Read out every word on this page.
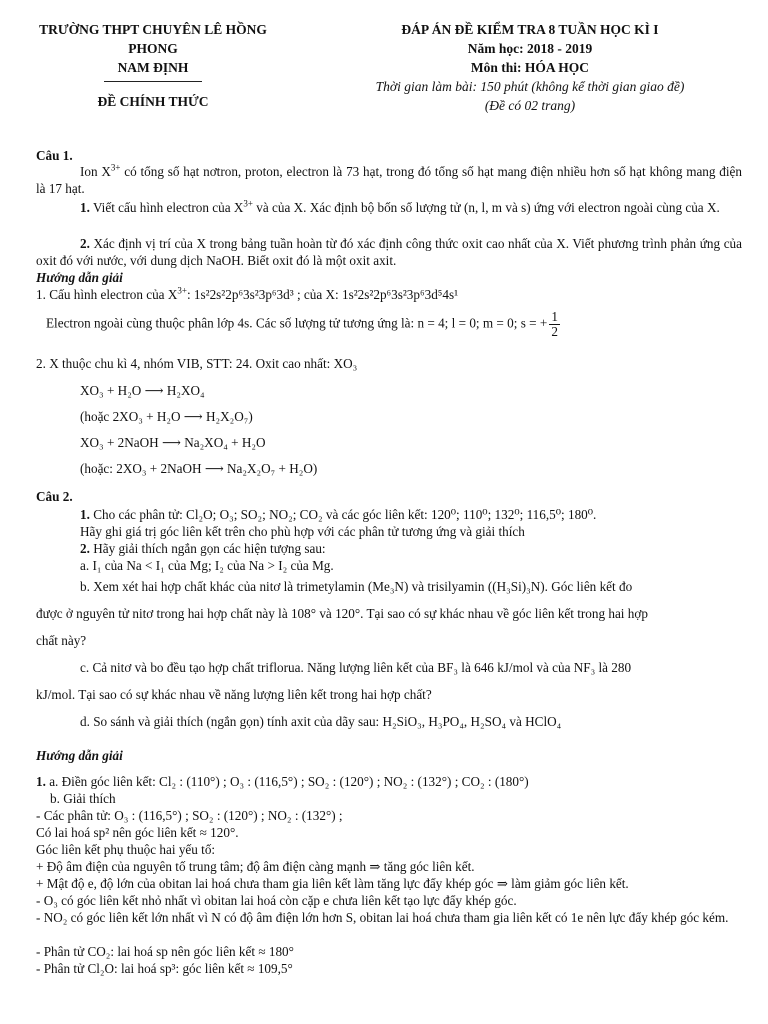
TRƯỜNG THPT CHUYÊN LÊ HỒNG
PHONG
NAM ĐỊNH
ĐỀ CHÍNH THỨC
ĐÁP ÁN ĐỀ KIỂM TRA 8 TUẦN HỌC KÌ I
Năm học: 2018 - 2019
Môn thi: HÓA HỌC
Thời gian làm bài: 150 phút (không kể thời gian giao đề)
(Đề có 02 trang)
Câu 1.
Ion $X^{3+}$ có tổng số hạt nơtron, proton, electron là 73 hạt, trong đó tổng số hạt mang điện nhiều hơn số hạt không mang điện là 17 hạt.
1. Viết cấu hình electron của $X^{3+}$ và của X. Xác định bộ bốn số lượng tử (n, l, m và s) ứng với electron ngoài cùng của X.
2. Xác định vị trí của X trong bảng tuần hoàn từ đó xác định công thức oxit cao nhất của X. Viết phương trình phản ứng của oxit đó với nước, với dung dịch NaOH. Biết oxit đó là một oxit axit.
Hướng dẫn giải
1. Cấu hình electron của $X^{3+}$: 1s²2s²2p⁶3s²3p⁶3d³ ; của X: 1s²2s²2p⁶3s²3p⁶3d⁵4s¹
Electron ngoài cùng thuộc phân lớp 4s. Các số lượng tử tương ứng là: n = 4; l = 0; m = 0; s = + $\frac{1}{2}$
2. X thuộc chu kì 4, nhóm VIB, STT: 24. Oxit cao nhất: XO₃
XO₃ + H₂O ⟶ H₂XO₄
(hoặc 2XO₃ + H₂O ⟶ H₂X₂O₇)
XO₃ + 2NaOH ⟶ Na₂XO₄ + H₂O
(hoặc: 2XO₃ + 2NaOH ⟶ Na₂X₂O₇ + H₂O)
Câu 2.
1. Cho các phân tử: Cl₂O; O₃; SO₂; NO₂; CO₂ và các góc liên kết: 120⁰; 110⁰; 132⁰; 116,5⁰; 180⁰.
Hãy ghi giá trị góc liên kết trên cho phù hợp với các phân tử tương ứng và giải thích
2. Hãy giải thích ngắn gọn các hiện tượng sau:
a. I₁ của Na < I₁ của Mg; I₂ của Na > I₂ của Mg.
b. Xem xét hai hợp chất khác của nitơ là trimetylamin (Me₃N) và trisilyamin ((H₃Si)₃N). Góc liên kết đo
được ở nguyên tử nitơ trong hai hợp chất này là 108° và 120°. Tại sao có sự khác nhau về góc liên kết trong hai hợp
chất này?
c. Cả nitơ và bo đều tạo hợp chất triflorua. Năng lượng liên kết của BF₃ là 646 kJ/mol và của NF₃ là 280
kJ/mol. Tại sao có sự khác nhau về năng lượng liên kết trong hai hợp chất?
d. So sánh và giải thích (ngắn gọn) tính axit của dãy sau: H₂SiO₃, H₃PO₄, H₂SO₄ và HClO₄
Hướng dẫn giải
1. a. Điền góc liên kết: Cl₂ : (110°) ; O₃ : (116,5°) ; SO₂ : (120°) ; NO₂ : (132°) ; CO₂ : (180°)
b. Giải thích
- Các phân tử: O₃ : (116,5°) ; SO₂ : (120°) ; NO₂ : (132°) ;
Có lai hoá sp² nên góc liên kết ≈ 120°.
Góc liên kết phụ thuộc hai yếu tố:
+ Độ âm điện của nguyên tố trung tâm; độ âm điện càng mạnh ⇒ tăng góc liên kết.
+ Mật độ e, độ lớn của obitan lai hoá chưa tham gia liên kết làm tăng lực đẩy khép góc ⇒ làm giảm góc liên kết.
- O₃ có góc liên kết nhỏ nhất vì obitan lai hoá còn cặp e chưa liên kết tạo lực đẩy khép góc.
- NO₂ có góc liên kết lớn nhất vì N có độ âm điện lớn hơn S, obitan lai hoá chưa tham gia liên kết có 1e nên lực đẩy khép góc kém.
- Phân tử CO₂: lai hoá sp nên góc liên kết ≈ 180°
- Phân tử Cl₂O: lai hoá sp³: góc liên kết ≈ 109,5°
